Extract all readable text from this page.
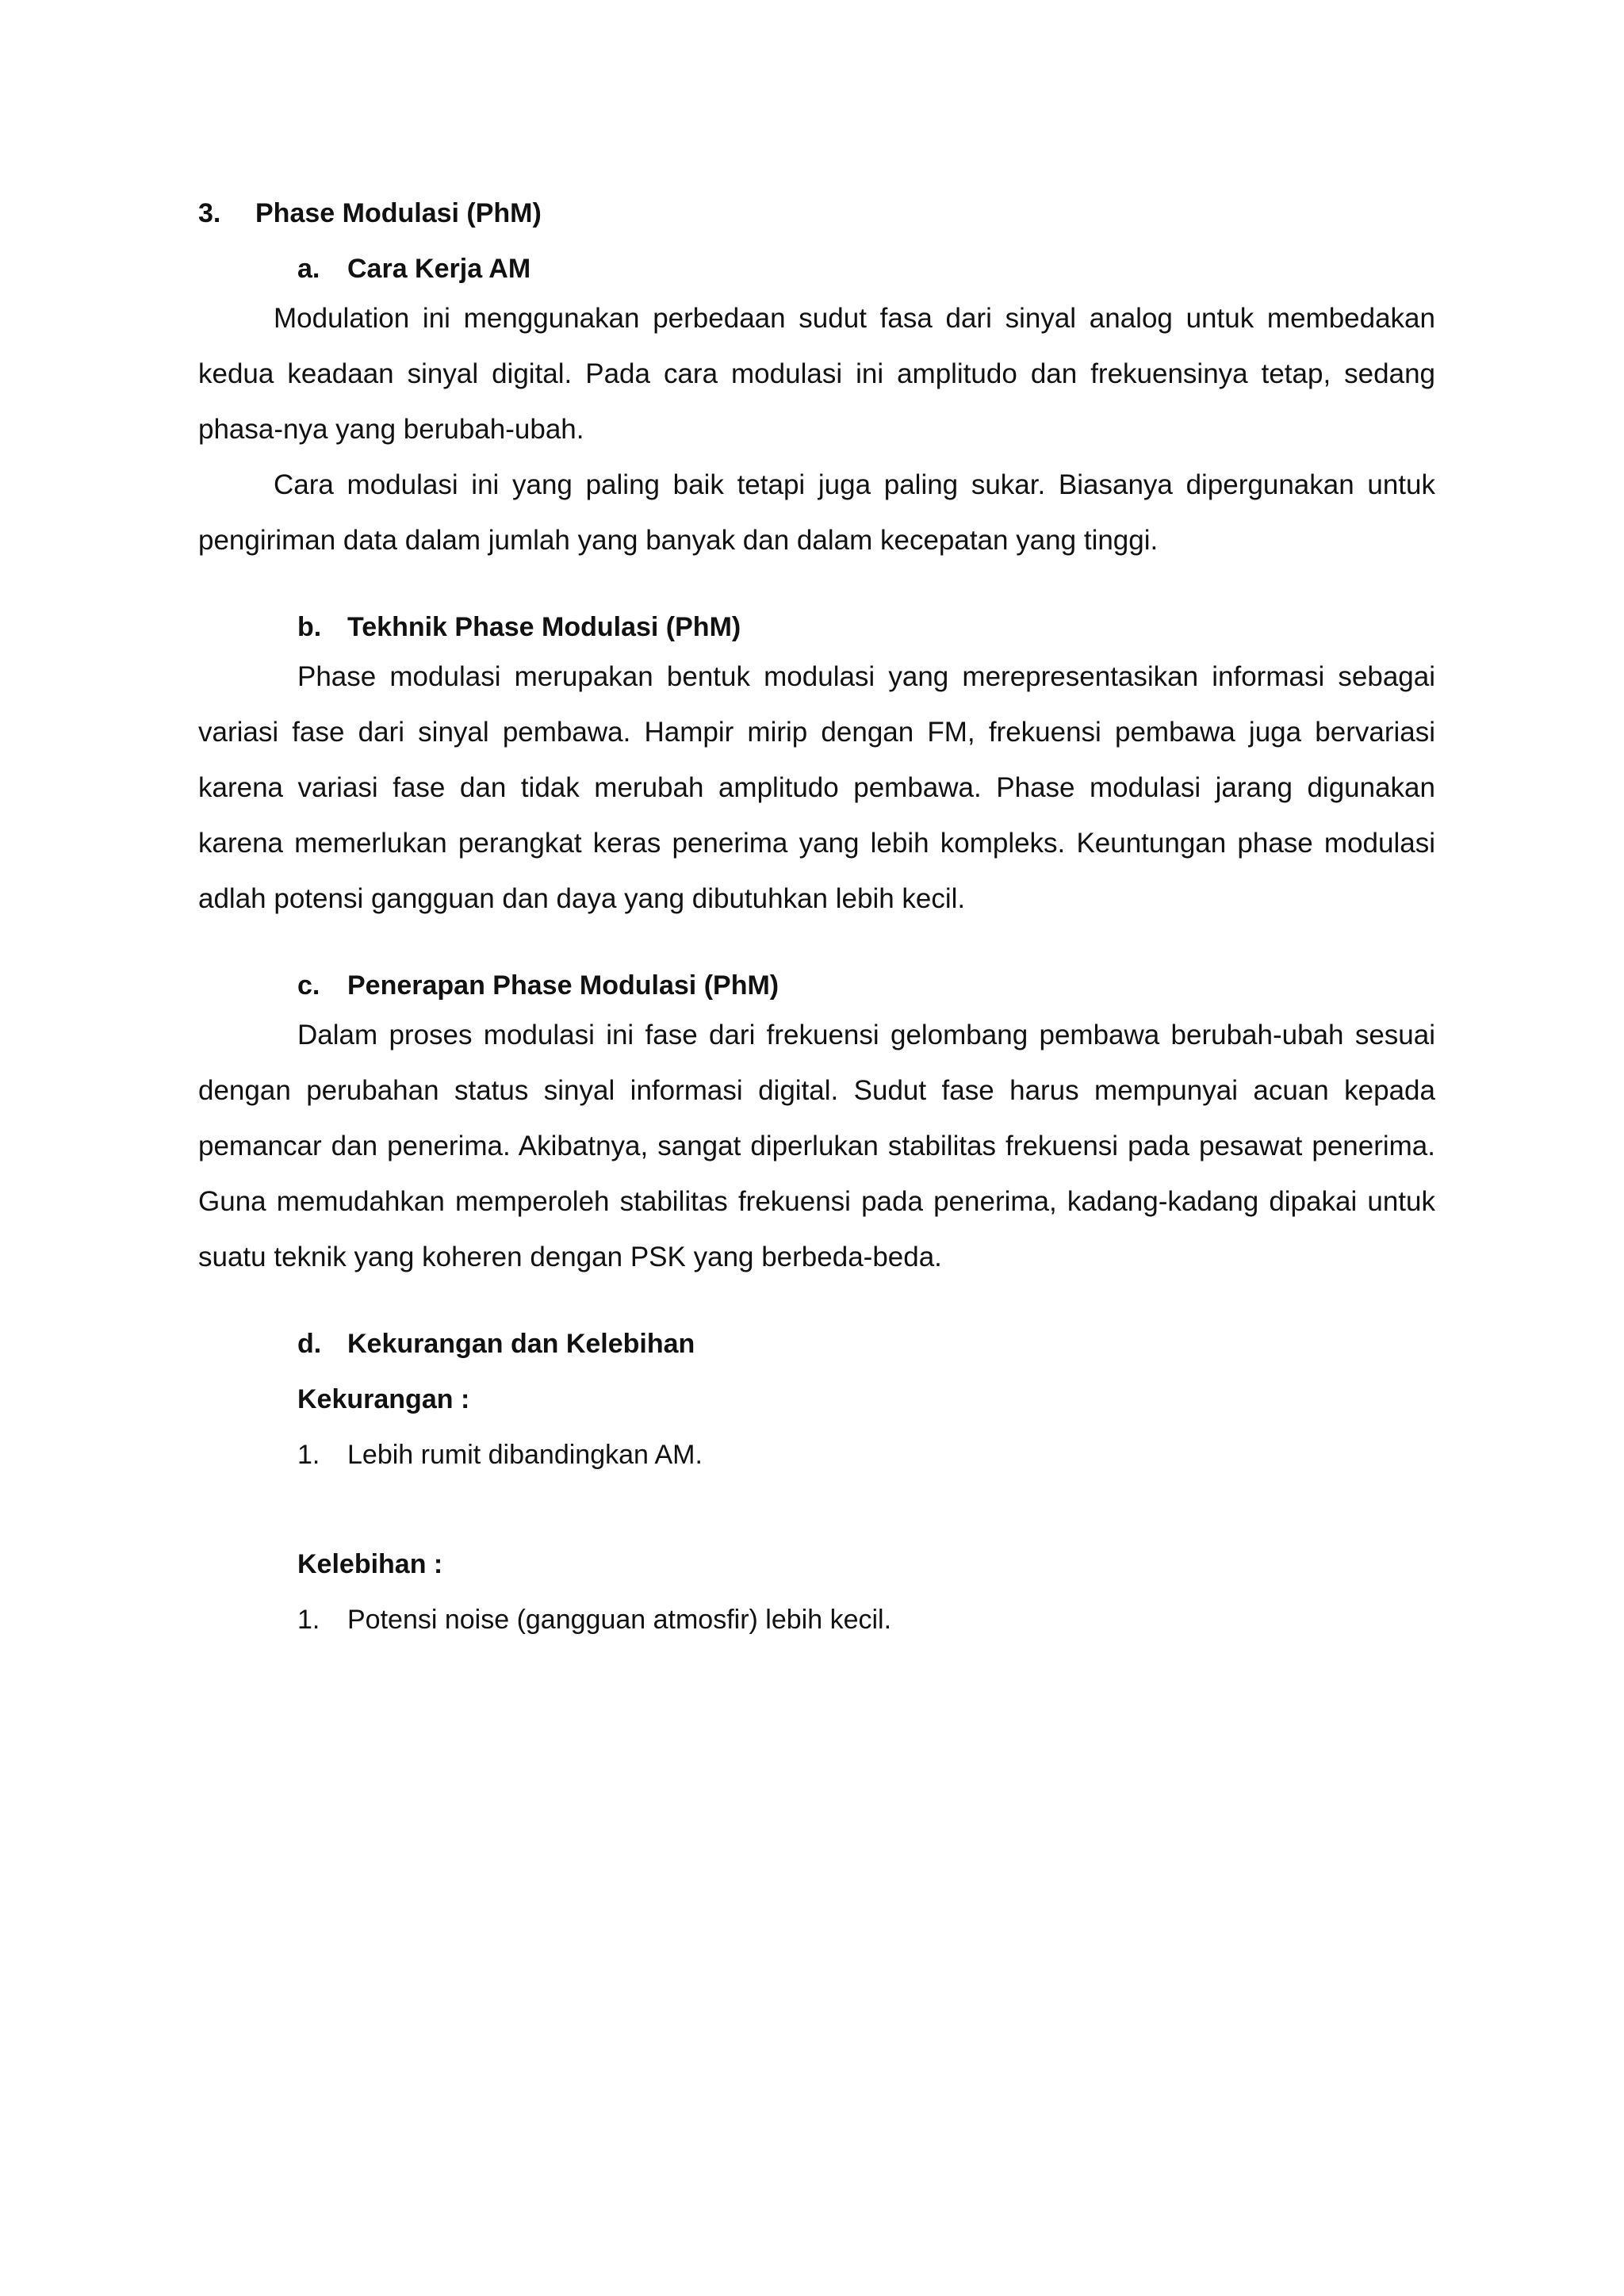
3. Phase Modulasi (PhM)
a. Cara Kerja AM

Modulation ini menggunakan perbedaan sudut fasa dari sinyal analog untuk membedakan kedua keadaan sinyal digital. Pada cara modulasi ini amplitudo dan frekuensinya tetap, sedang phasa-nya yang berubah-ubah.

Cara modulasi ini yang paling baik tetapi juga paling sukar. Biasanya dipergunakan untuk pengiriman data dalam jumlah yang banyak dan dalam kecepatan yang tinggi.

b. Tekhnik Phase Modulasi (PhM)

Phase modulasi merupakan bentuk modulasi yang merepresentasikan informasi sebagai variasi fase dari sinyal pembawa. Hampir mirip dengan FM, frekuensi pembawa juga bervariasi karena variasi fase dan tidak merubah amplitudo pembawa. Phase modulasi jarang digunakan karena memerlukan perangkat keras penerima yang lebih kompleks. Keuntungan phase modulasi adlah potensi gangguan dan daya yang dibutuhkan lebih kecil.

c. Penerapan Phase Modulasi (PhM)

Dalam proses modulasi ini fase dari frekuensi gelombang pembawa berubah-ubah sesuai dengan perubahan status sinyal informasi digital. Sudut fase harus mempunyai acuan kepada pemancar dan penerima. Akibatnya, sangat diperlukan stabilitas frekuensi pada pesawat penerima. Guna memudahkan memperoleh stabilitas frekuensi pada penerima, kadang-kadang dipakai untuk suatu teknik yang koheren dengan PSK yang berbeda-beda.

d. Kekurangan dan Kelebihan
Kekurangan :
1. Lebih rumit dibandingkan AM.
Kelebihan :
1. Potensi noise (gangguan atmosfir) lebih kecil.
